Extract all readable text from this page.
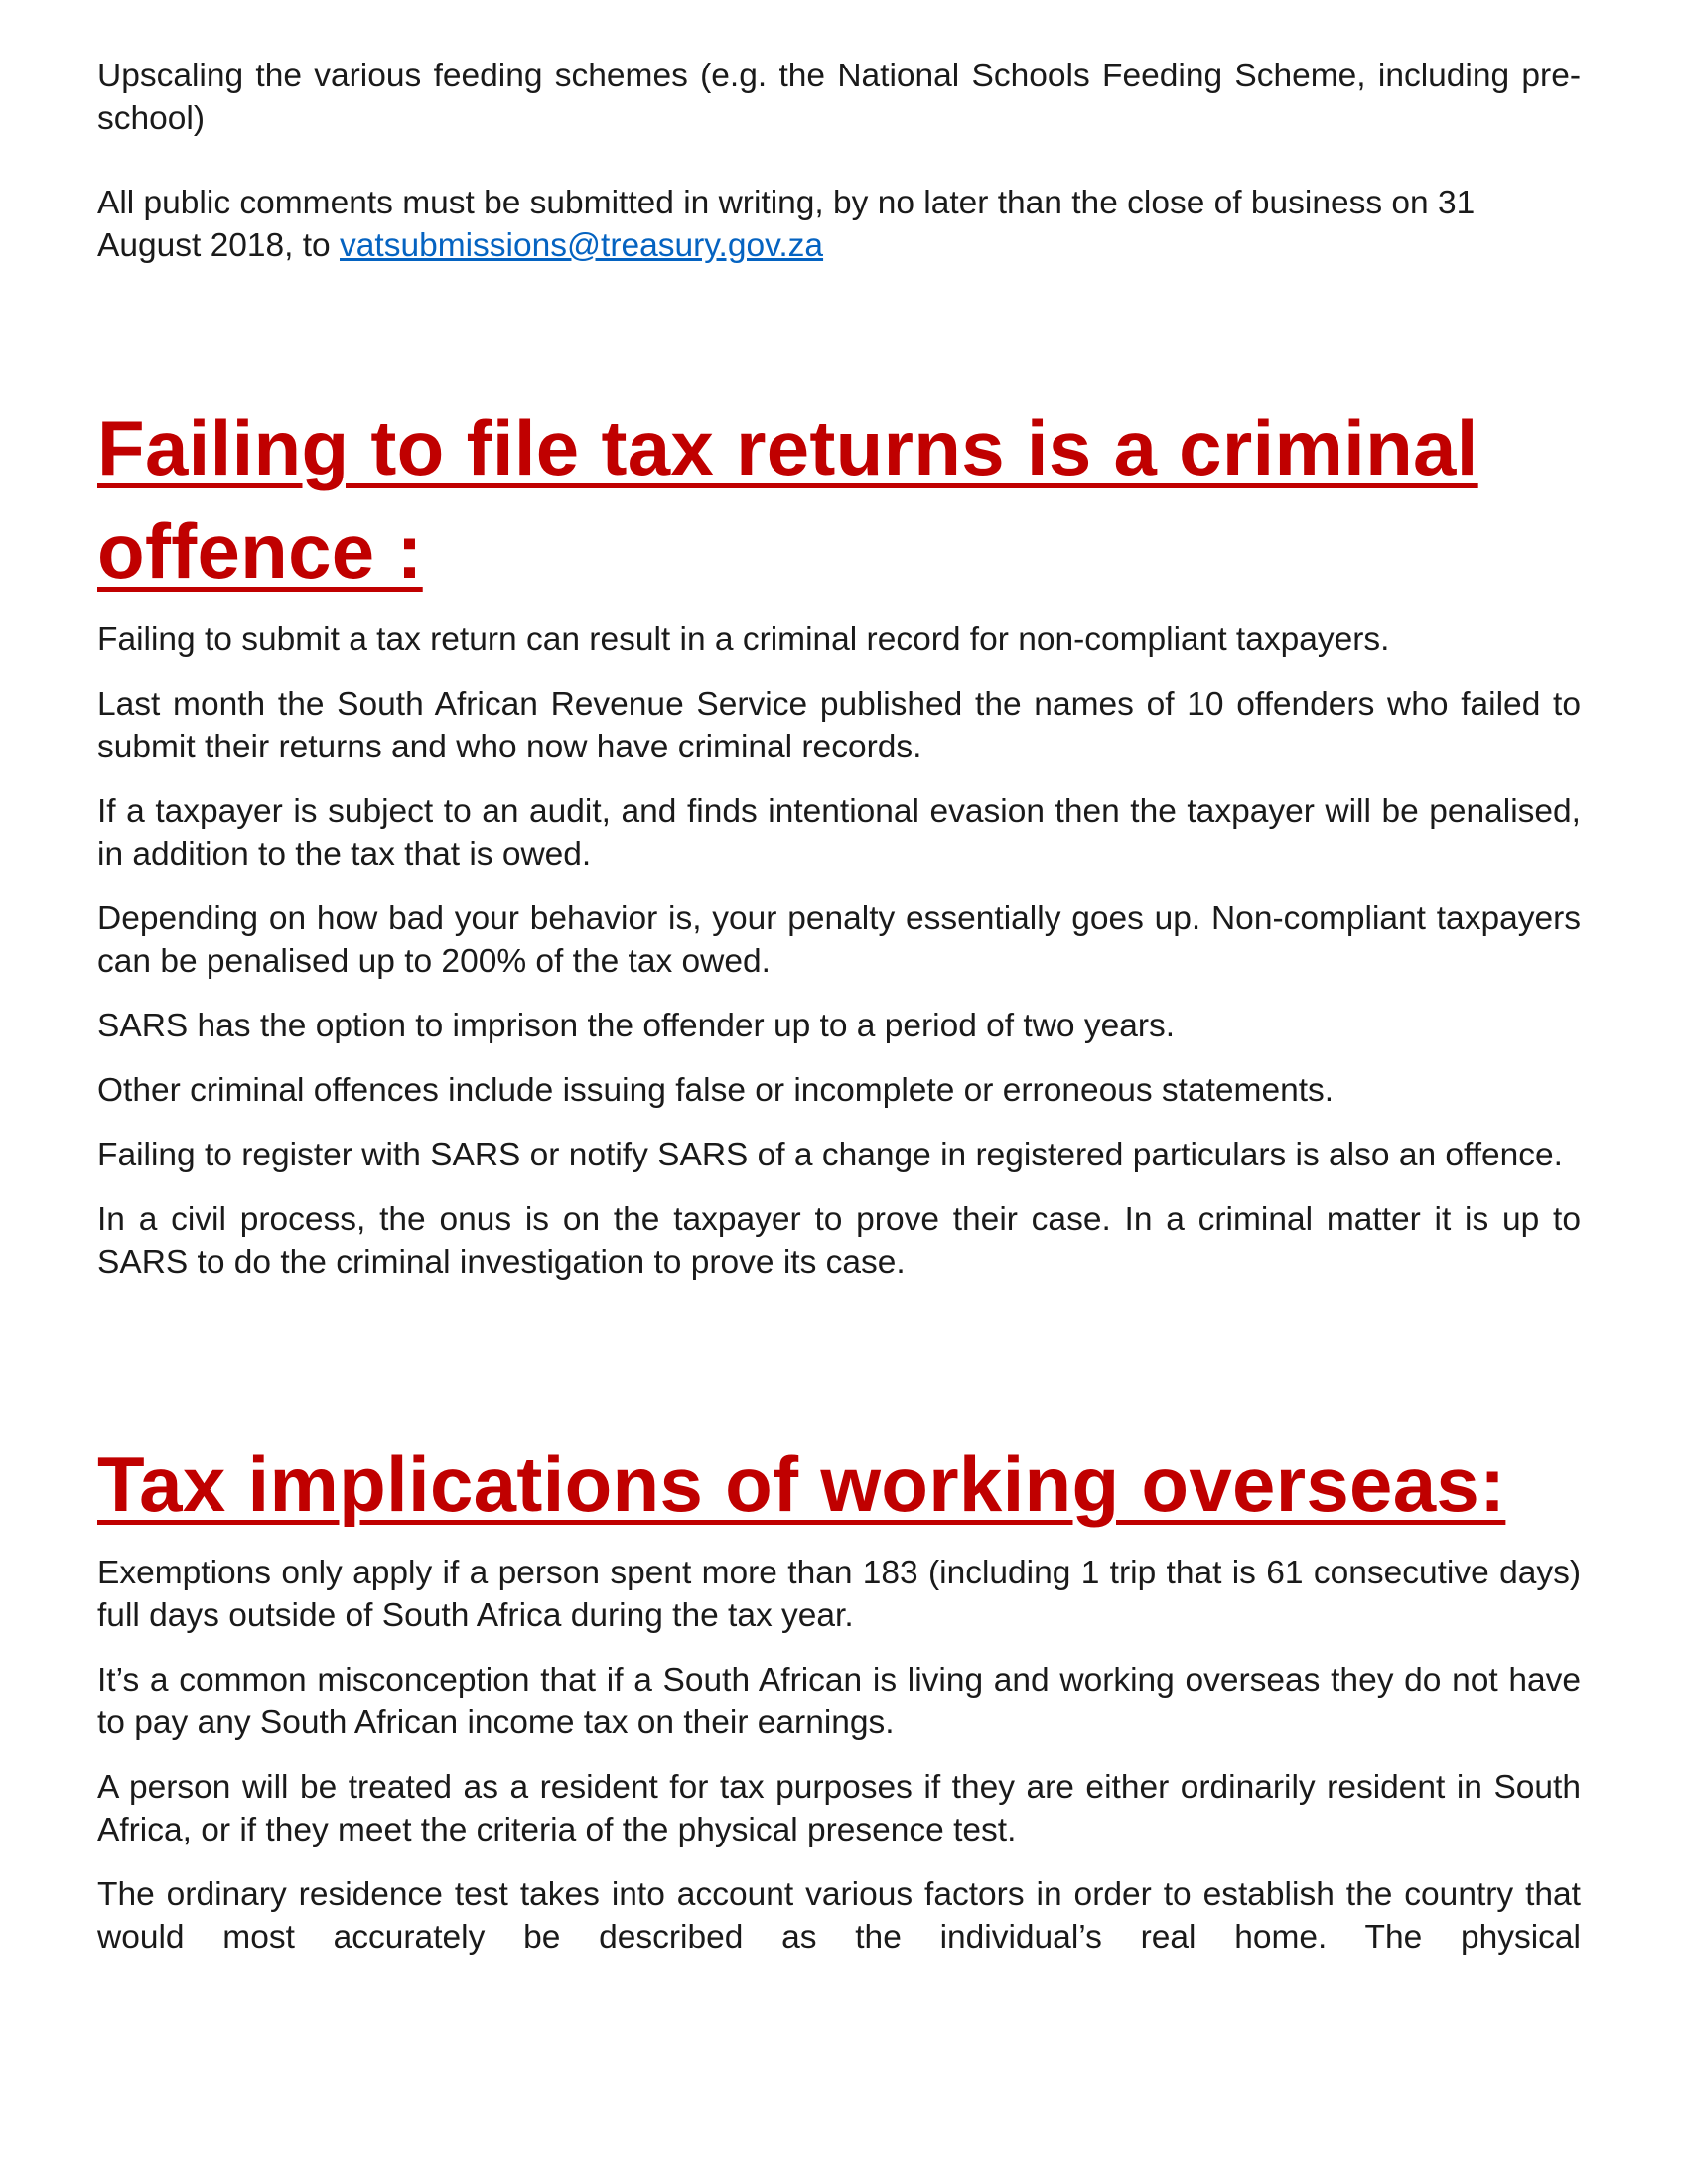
Upscaling the various feeding schemes (e.g. the National Schools Feeding Scheme, including pre-school)

All public comments must be submitted in writing, by no later than the close of business on 31 August 2018, to vatsubmissions@treasury.gov.za

Failing to file tax returns is a criminal offence :

Failing to submit a tax return can result in a criminal record for non-compliant taxpayers.

Last month the South African Revenue Service published the names of 10 offenders who failed to submit their returns and who now have criminal records.

If a taxpayer is subject to an audit, and finds intentional evasion then the taxpayer will be penalised, in addition to the tax that is owed.

Depending on how bad your behavior is, your penalty essentially goes up. Non-compliant taxpayers can be penalised up to 200% of the tax owed.

SARS has the option to imprison the offender up to a period of two years.

Other criminal offences include issuing false or incomplete or erroneous statements.

Failing to register with SARS or notify SARS of a change in registered particulars is also an offence.

In a civil process, the onus is on the taxpayer to prove their case. In a criminal matter it is up to SARS to do the criminal investigation to prove its case.

Tax implications of working overseas:

Exemptions only apply if a person spent more than 183 (including 1 trip that is 61 consecutive days) full days outside of South Africa during the tax year.

It’s a common misconception that if a South African is living and working overseas they do not have to pay any South African income tax on their earnings.

A person will be treated as a resident for tax purposes if they are either ordinarily resident in South Africa, or if they meet the criteria of the physical presence test.

The ordinary residence test takes into account various factors in order to establish the country that would most accurately be described as the individual’s real home. The physical
